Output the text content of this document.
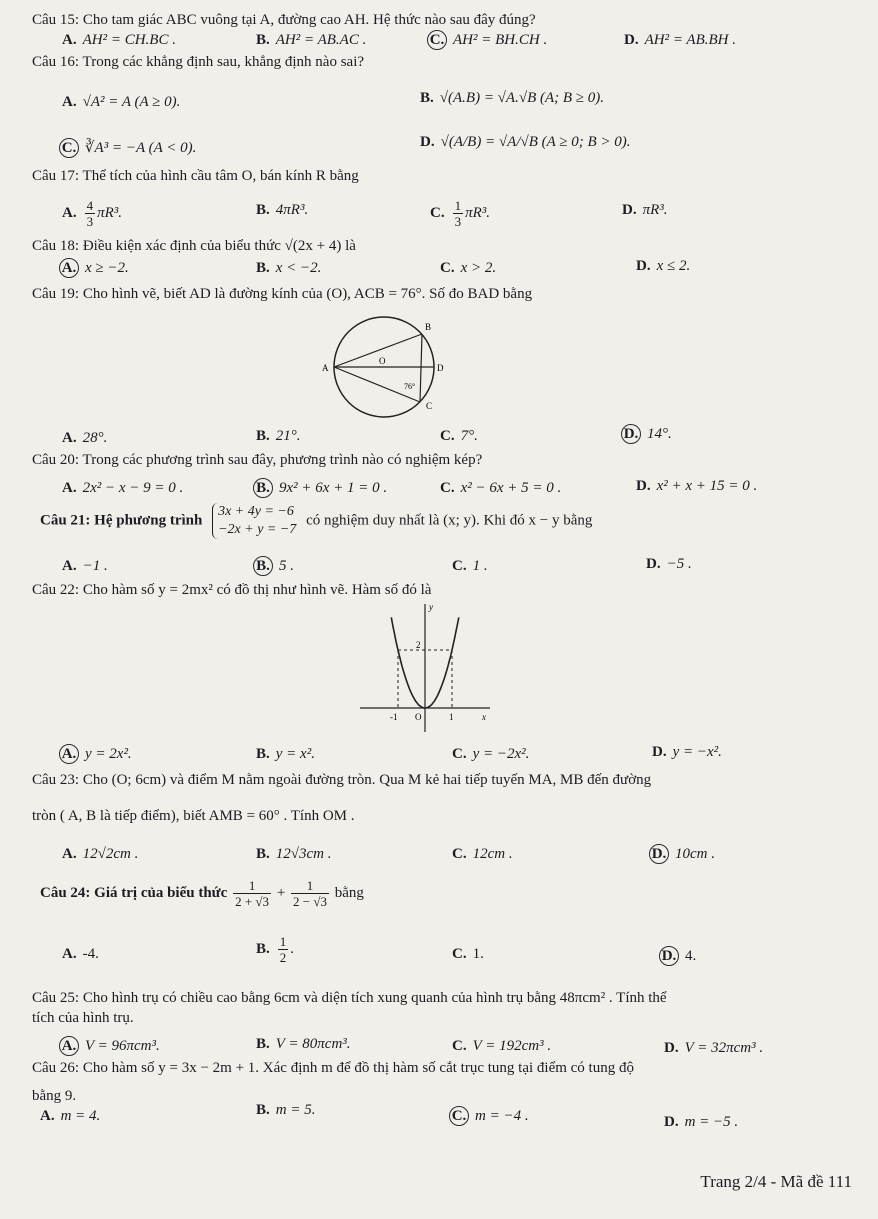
Câu 15: Cho tam giác ABC vuông tại A, đường cao AH. Hệ thức nào sau đây đúng?
A. AH² = CH.BC .	B. AH² = AB.AC .	C. AH² = BH.CH .	D. AH² = AB.BH .
Câu 16: Trong các khẳng định sau, khẳng định nào sai?
A. √A² = A (A ≥ 0).	B. √(A.B) = √A.√B (A; B ≥ 0).
C. ∛A³ = −A (A < 0).	D. √(A/B) = √A/√B (A ≥ 0; B > 0).
Câu 17: Thể tích của hình cầu tâm O, bán kính R bằng
A. $\frac{4}{3} \pi R^3$.	B. 4πR³.	C. $\frac{1}{3} \pi R^3$.	D. πR³.
Câu 18: Điều kiện xác định của biểu thức √(2x + 4) là
A. x ≥ −2.	B. x < −2.	C. x > 2.	D. x ≤ 2.
Câu 19: Cho hình vẽ, biết AD là đường kính của (O), ACB = 76°. Số đo BAD bằng
A
B
O
D
C
76°
A. 28°.	B. 21°.	C. 7°.	D. 14°.
Câu 20: Trong các phương trình sau đây, phương trình nào có nghiệm kép?
A. 2x² − x − 9 = 0 .	B. 9x² + 6x + 1 = 0 .	C. x² − 6x + 5 = 0 .	D. x² + x + 15 = 0 .
Câu 21: Hệ phương trình
3x + 4y = −6
−2x + y = −7
có nghiệm duy nhất là (x; y). Khi đó x − y bằng
A. −1 .	B. 5 .	C. 1 .	D. −5 .
Câu 22: Cho hàm số y = 2mx² có đồ thị như hình vẽ. Hàm số đó là
y
x
O
2
-1	1
A. y = 2x².	B. y = x².	C. y = −2x².	D. y = −x².
Câu 23: Cho (O; 6cm) và điểm M nằm ngoài đường tròn. Qua M kẻ hai tiếp tuyến MA, MB đến đường
tròn ( A, B là tiếp điểm), biết AMB = 60° . Tính OM .
A. 12√2cm .	B. 12√3cm .	C. 12cm .	D. 10cm .
Câu 24: Giá trị của biểu thức $\frac{1}{2 + √3} + \frac{1}{2 - √3}$ bằng
A. -4.	B. $\frac{1}{2}$ .	C. 1.	D. 4.
Câu 25: Cho hình trụ có chiều cao bằng 6cm và diện tích xung quanh của hình trụ bằng 48πcm² . Tính thể
tích của hình trụ.
A. V = 96πcm³.	B. V = 80πcm³.	C. V = 192cm³ .	D. V = 32πcm³ .
Câu 26: Cho hàm số y = 3x − 2m + 1. Xác định m để đồ thị hàm số cắt trục tung tại điểm có tung độ
bằng 9.
A. m = 4.	B. m = 5.	C. m = −4 .	D. m = −5 .
Trang 2/4 - Mã đề 111
